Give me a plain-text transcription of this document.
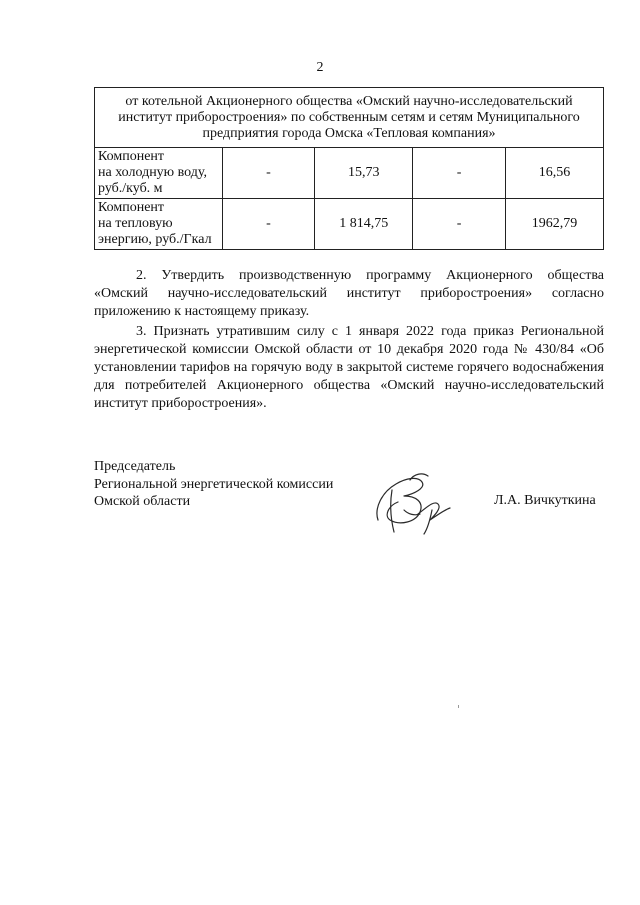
2
от котельной Акционерного общества «Омский научно-исследовательский
институт приборостроения» по собственным сетям и сетям Муниципального
предприятия города Омска «Тепловая компания»				

Компонент
на холодную воду,
руб./куб. м	-	15,73	-	16,56

Компонент
на тепловую
энергию, руб./Гкал	-	1 814,75	-	1962,79

2. Утвердить производственную программу Акционерного общества «Омский научно-исследовательский институт приборостроения» согласно приложению к настоящему приказу.

3. Признать утратившим силу с 1 января 2022 года приказ Региональной энергетической комиссии Омской области от 10 декабря 2020 года № 430/84 «Об установлении тарифов на горячую воду в закрытой системе горячего водоснабжения для потребителей Акционерного общества «Омский научно-исследовательский институт приборостроения».

Председатель
Региональной энергетической комиссии
Омской области	Л.А. Вичкуткина
